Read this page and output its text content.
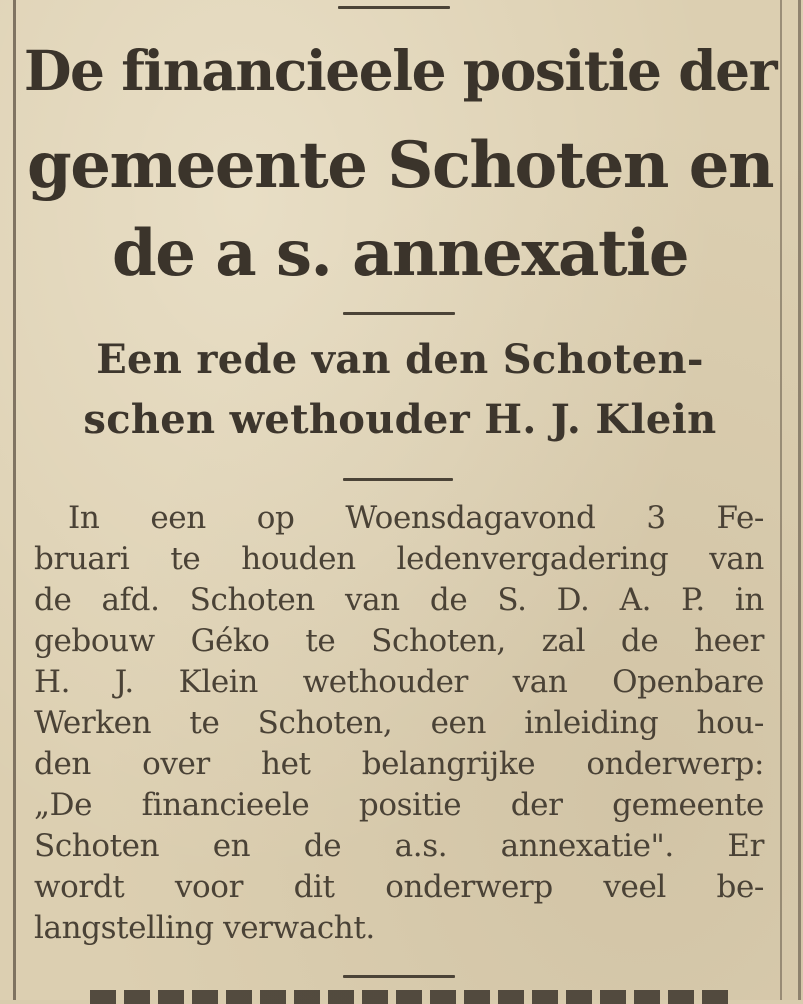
De financieele positie der
gemeente Schoten en
de a s. annexatie
Een rede van den Schoten-
schen wethouder H. J. Klein
In een op Woensdagavond 3 Fe-
bruari te houden ledenvergadering van
de afd. Schoten van de S. D. A. P. in
gebouw Géko te Schoten, zal de heer
H. J. Klein wethouder van Openbare
Werken te Schoten, een inleiding hou-
den over het belangrijke onderwerp:
„De financieele positie der gemeente
Schoten en de a.s. annexatie". Er
wordt voor dit onderwerp veel be-
langstelling verwacht.
